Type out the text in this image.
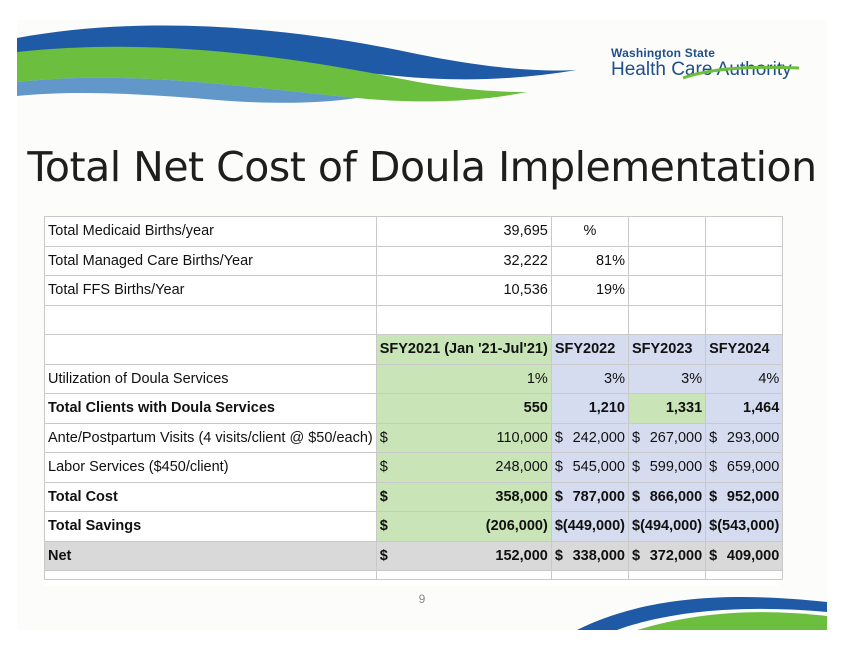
Washington State
Health Care Authority
Total Net Cost of Doula Implementation
Total Medicaid Births/year	39,695	%		
Total Managed Care Births/Year	32,222	81%		
Total FFS Births/Year	10,536	19%		

	SFY2021 (Jan '21-Jul'21)	SFY2022	SFY2023	SFY2024
Utilization of Doula Services	1%	3%	3%	4%
Total Clients with Doula Services	550	1,210	1,331	1,464
Ante/Postpartum Visits (4 visits/client @ $50/each)	$ 110,000	$ 242,000	$ 267,000	$ 293,000

Labor Services ($450/client)	$ 248,000	$ 545,000	$ 599,000	$ 659,000

Total Cost	$ 358,000	$ 787,000	$ 866,000	$ 952,000

Total Savings	$ (206,000)	$ (449,000)	$ (494,000)	$ (543,000)

Net	$ 152,000	$ 338,000	$ 372,000	$ 409,000

9
